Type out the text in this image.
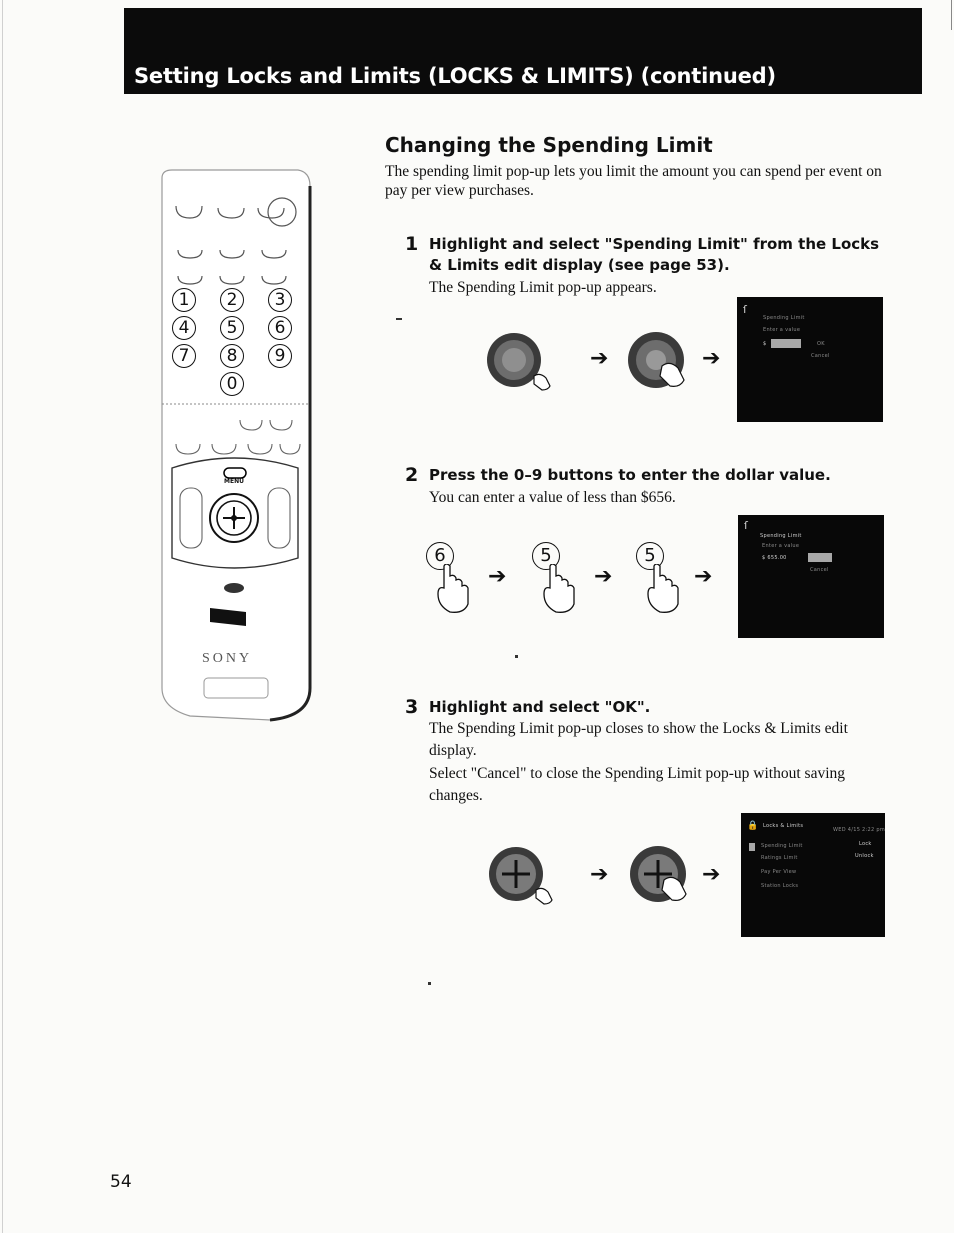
Setting Locks and Limits (LOCKS & LIMITS) (continued)
1	2	3
4	5	6
7	8	9
0
MENU
SONY
Changing the Spending Limit
The spending limit pop-up lets you limit the amount you can spend per event on pay per view purchases.
1 Highlight and select "Spending Limit" from the Locks & Limits edit display (see page 53).
The Spending Limit pop-up appears.
➔	➔
ſ
Spending Limit
Enter a value
$	OK
Cancel
2 Press the 0–9 buttons to enter the dollar value.
You can enter a value of less than $656.
6
➔
5
➔
5
➔
ſ
Spending Limit
Enter a value
$ 655.00
Cancel
3 Highlight and select "OK".
The Spending Limit pop-up closes to show the Locks & Limits edit display.
Select "Cancel" to close the Spending Limit pop-up without saving changes.
➔	➔
🔒 Locks & Limits
WED 4/15 2:22 pm
Spending Limit	Lock
Unlock
Ratings Limit
Pay Per View
Station Locks
54
